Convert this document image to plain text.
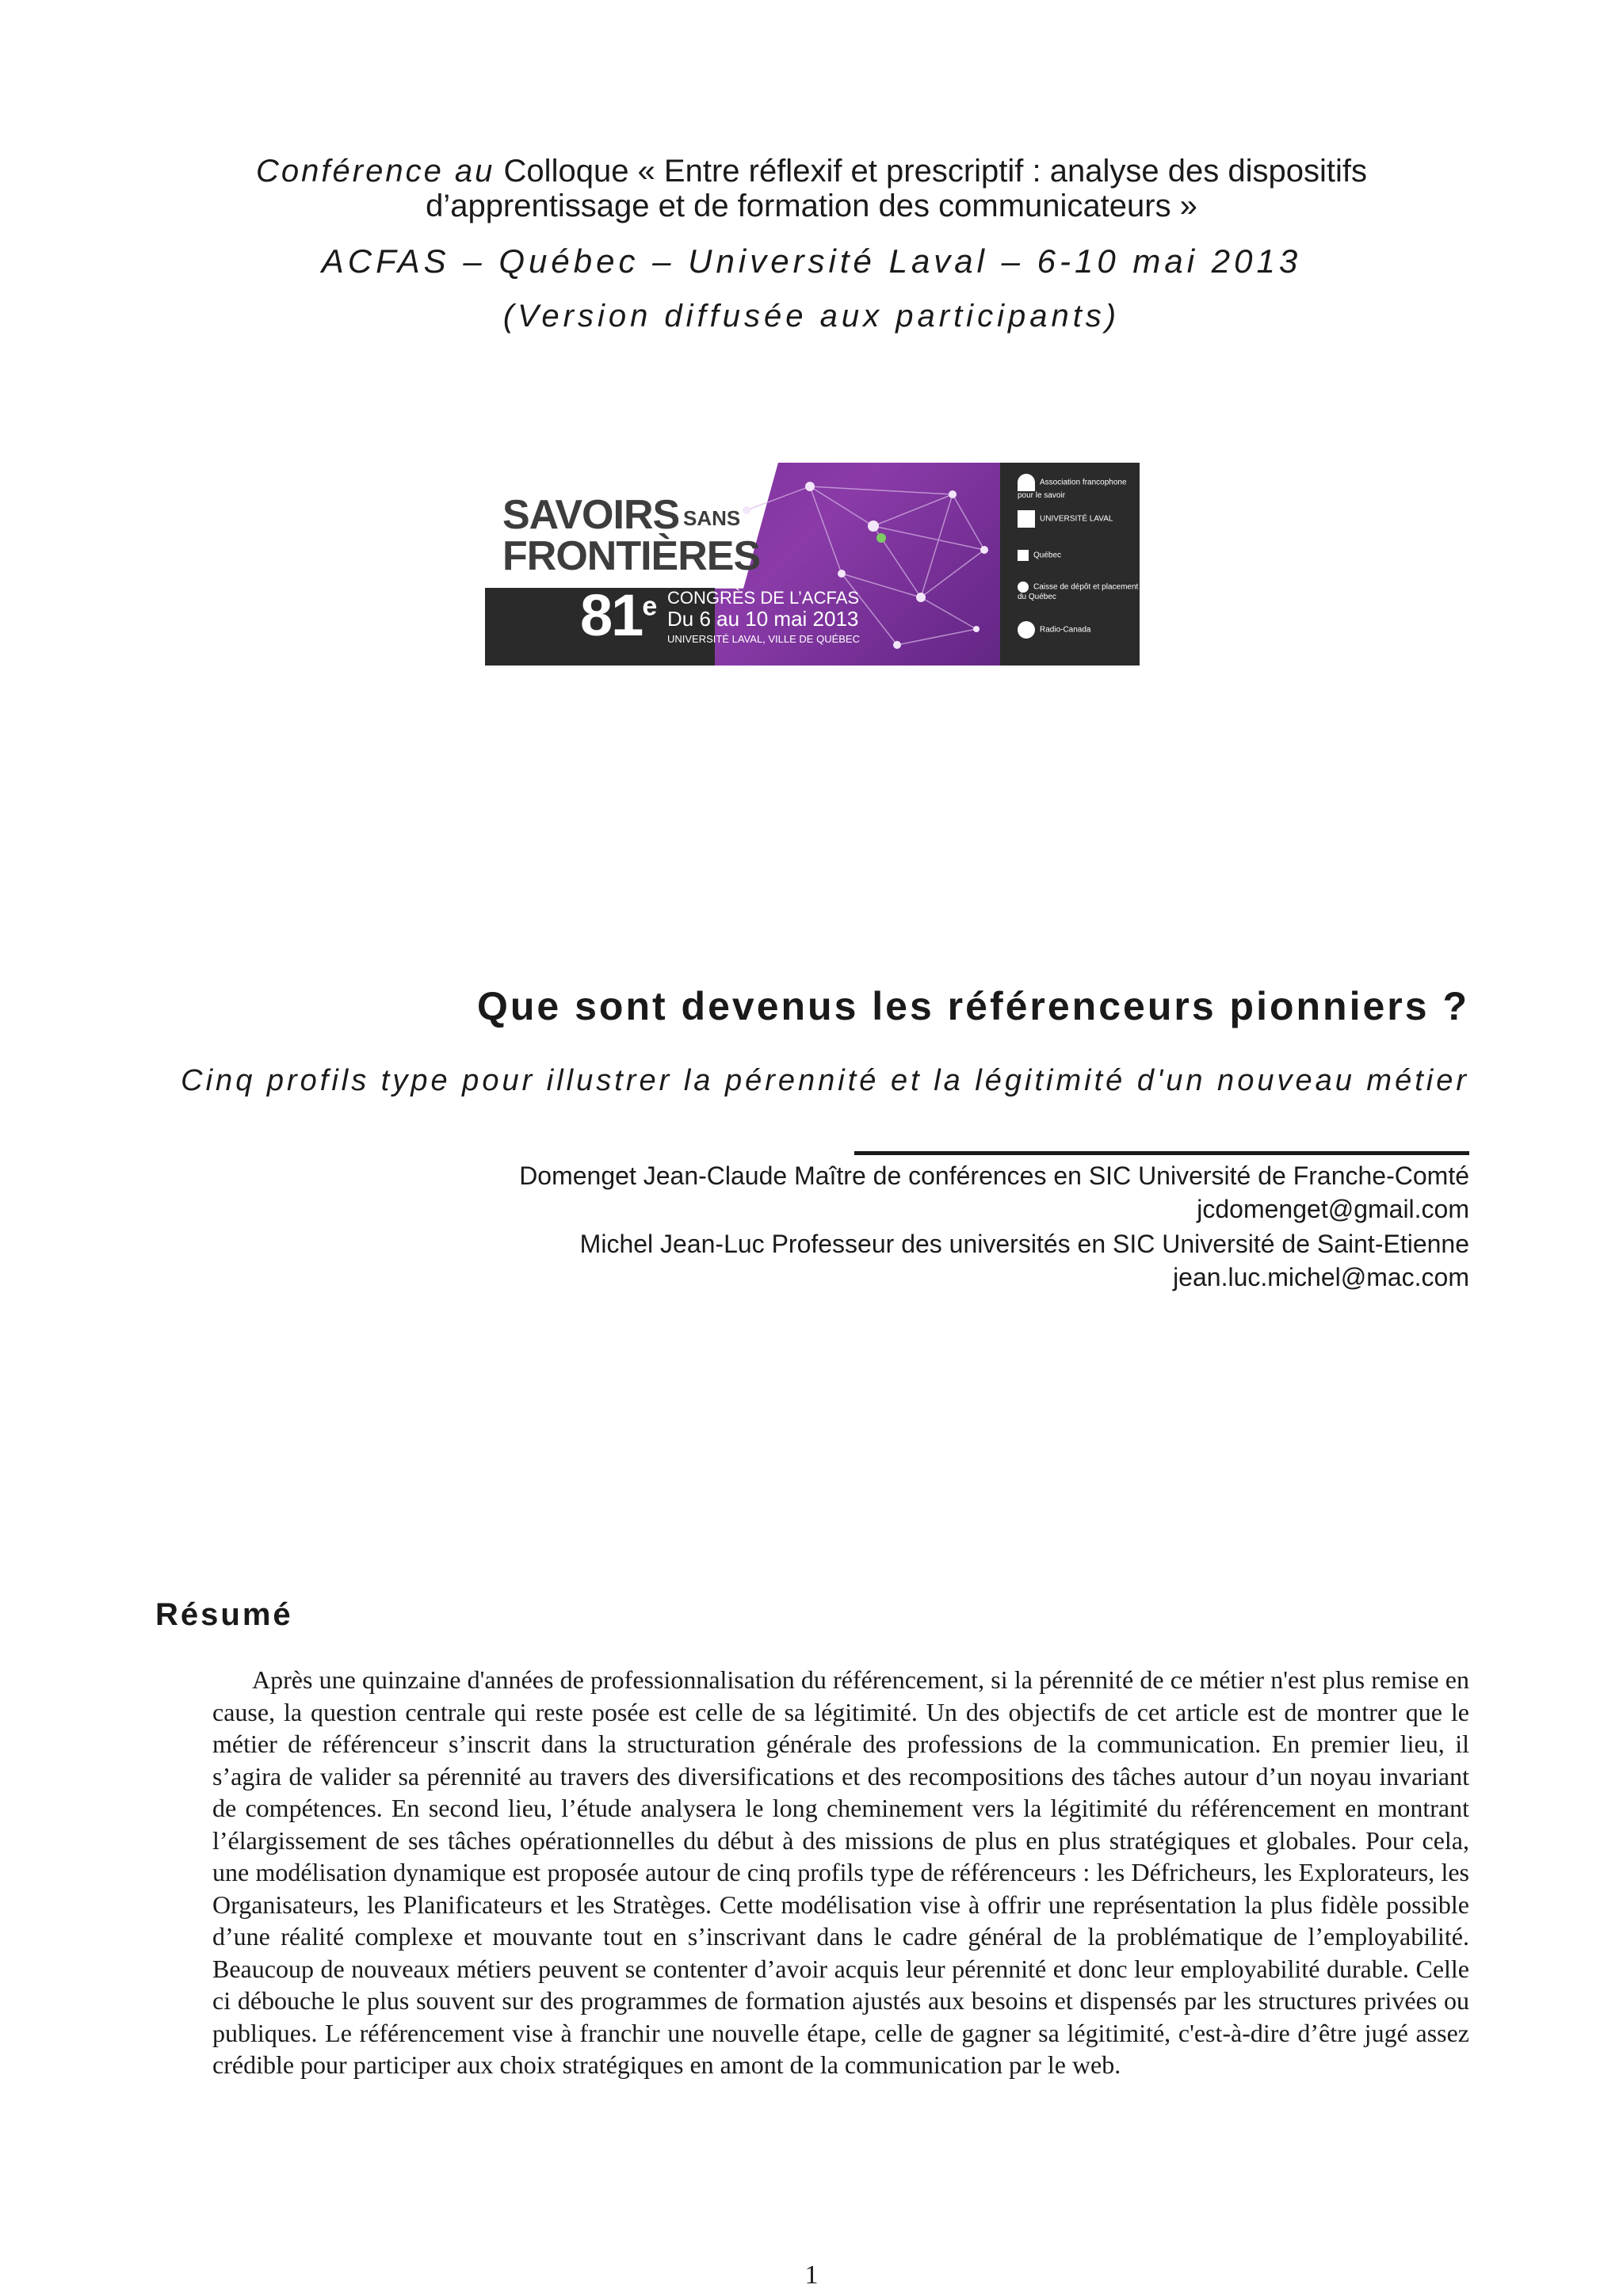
Conférence au Colloque « Entre réflexif et prescriptif : analyse des dispositifs
d’apprentissage et de formation des communicateurs »
ACFAS – Québec – Université Laval – 6-10 mai 2013
(Version diffusée aux participants)
SAVOIRS SANS
FRONTIÈRES
81e CONGRÈS DE L’ACFAS
Du 6 au 10 mai 2013
UNIVERSITÉ LAVAL, VILLE DE QUÉBEC
Association francophone pour le savoir
UNIVERSITÉ LAVAL
Québec
Caisse de dépôt et placement du Québec
Radio-Canada
Que sont devenus les référenceurs pionniers ?
Cinq profils type pour illustrer la pérennité et la légitimité d'un nouveau métier
Domenget Jean-Claude Maître de conférences en SIC Université de Franche-Comté
jcdomenget@gmail.com
Michel Jean-Luc Professeur des universités en SIC Université de Saint-Etienne
jean.luc.michel@mac.com
Résumé
Après une quinzaine d'années de professionnalisation du référencement, si la pérennité de ce métier n'est plus remise en cause, la question centrale qui reste posée est celle de sa légitimité. Un des objectifs de cet article est de montrer que le métier de référenceur s’inscrit dans la structuration générale des professions de la communication. En premier lieu, il s’agira de valider sa pérennité au travers des diversifications et des recompositions des tâches autour d’un noyau invariant de compétences. En second lieu, l’étude analysera le long cheminement vers la légitimité du référencement en montrant l’élargissement de ses tâches opérationnelles du début à des missions de plus en plus stratégiques et globales. Pour cela, une modélisation dynamique est proposée autour de cinq profils type de référenceurs : les Défricheurs, les Explorateurs, les Organisateurs, les Planificateurs et les Stratèges. Cette modélisation vise à offrir une représentation la plus fidèle possible d’une réalité complexe et mouvante tout en s’inscrivant dans le cadre général de la problématique de l’employabilité. Beaucoup de nouveaux métiers peuvent se contenter d’avoir acquis leur pérennité et donc leur employabilité durable. Celle ci débouche le plus souvent sur des programmes de formation ajustés aux besoins et dispensés par les structures privées ou publiques. Le référencement vise à franchir une nouvelle étape, celle de gagner sa légitimité, c'est-à-dire d’être jugé assez crédible pour participer aux choix stratégiques en amont de la communication par le web.
1
